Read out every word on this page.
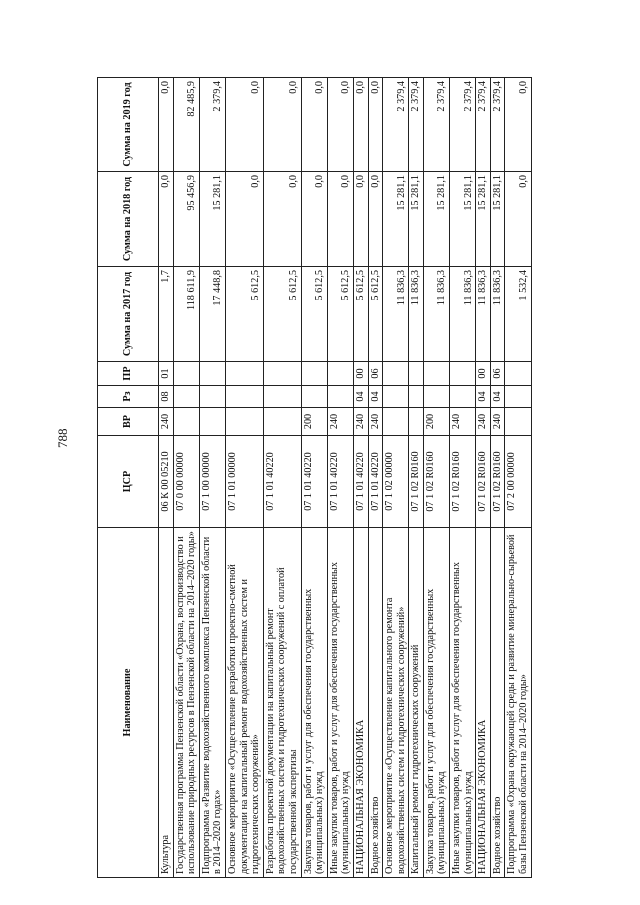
788
Наименование	ЦСР	ВР	Рз	ПР	Сумма на 2017 год	Сумма на 2018 год	Сумма на 2019 год
Культура	06 К 00 05210	240	08	01	1,7	0,0	0,0
Государственная программа Пензенской области «Охрана, воспроизводство и использование природных ресурсов в Пензенской области на 2014–2020 годы»	07 0 00 00000				118 611,9	95 456,9	82 485,9
Подпрограмма «Развитие водохозяйственного комплекса Пензенской области в 2014–2020 годах»	07 1 00 00000				17 448,8	15 281,1	2 379,4
Основное мероприятие «Осуществление разработки проектно-сметной документации на капитальный ремонт водохозяйственных систем и гидротехнических сооружений»	07 1 01 00000				5 612,5	0,0	0,0
Разработка проектной документации на капитальный ремонт водохозяйственных систем и гидротехнических сооружений с оплатой государственной экспертизы	07 1 01 40220				5 612,5	0,0	0,0
Закупка товаров, работ и услуг для обеспечения государственных (муниципальных) нужд	07 1 01 40220	200			5 612,5	0,0	0,0
Иные закупки товаров, работ и услуг для обеспечения государственных (муниципальных) нужд	07 1 01 40220	240			5 612,5	0,0	0,0
НАЦИОНАЛЬНАЯ ЭКОНОМИКА	07 1 01 40220	240	04	00	5 612,5	0,0	0,0
Водное хозяйство	07 1 01 40220	240	04	06	5 612,5	0,0	0,0
Основное мероприятие «Осуществление капитального ремонта водохозяйственных систем и гидротехнических сооружений»	07 1 02 00000				11 836,3	15 281,1	2 379,4
Капитальный ремонт гидротехнических сооружений	07 1 02 R0160				11 836,3	15 281,1	2 379,4
Закупка товаров, работ и услуг для обеспечения государственных (муниципальных) нужд	07 1 02 R0160	200			11 836,3	15 281,1	2 379,4
Иные закупки товаров, работ и услуг для обеспечения государственных (муниципальных) нужд	07 1 02 R0160	240			11 836,3	15 281,1	2 379,4
НАЦИОНАЛЬНАЯ ЭКОНОМИКА	07 1 02 R0160	240	04	00	11 836,3	15 281,1	2 379,4
Водное хозяйство	07 1 02 R0160	240	04	06	11 836,3	15 281,1	2 379,4
Подпрограмма «Охрана окружающей среды и развитие минерально-сырьевой базы Пензенской области на 2014–2020 годы»	07 2 00 00000				1 532,4	0,0	0,0
